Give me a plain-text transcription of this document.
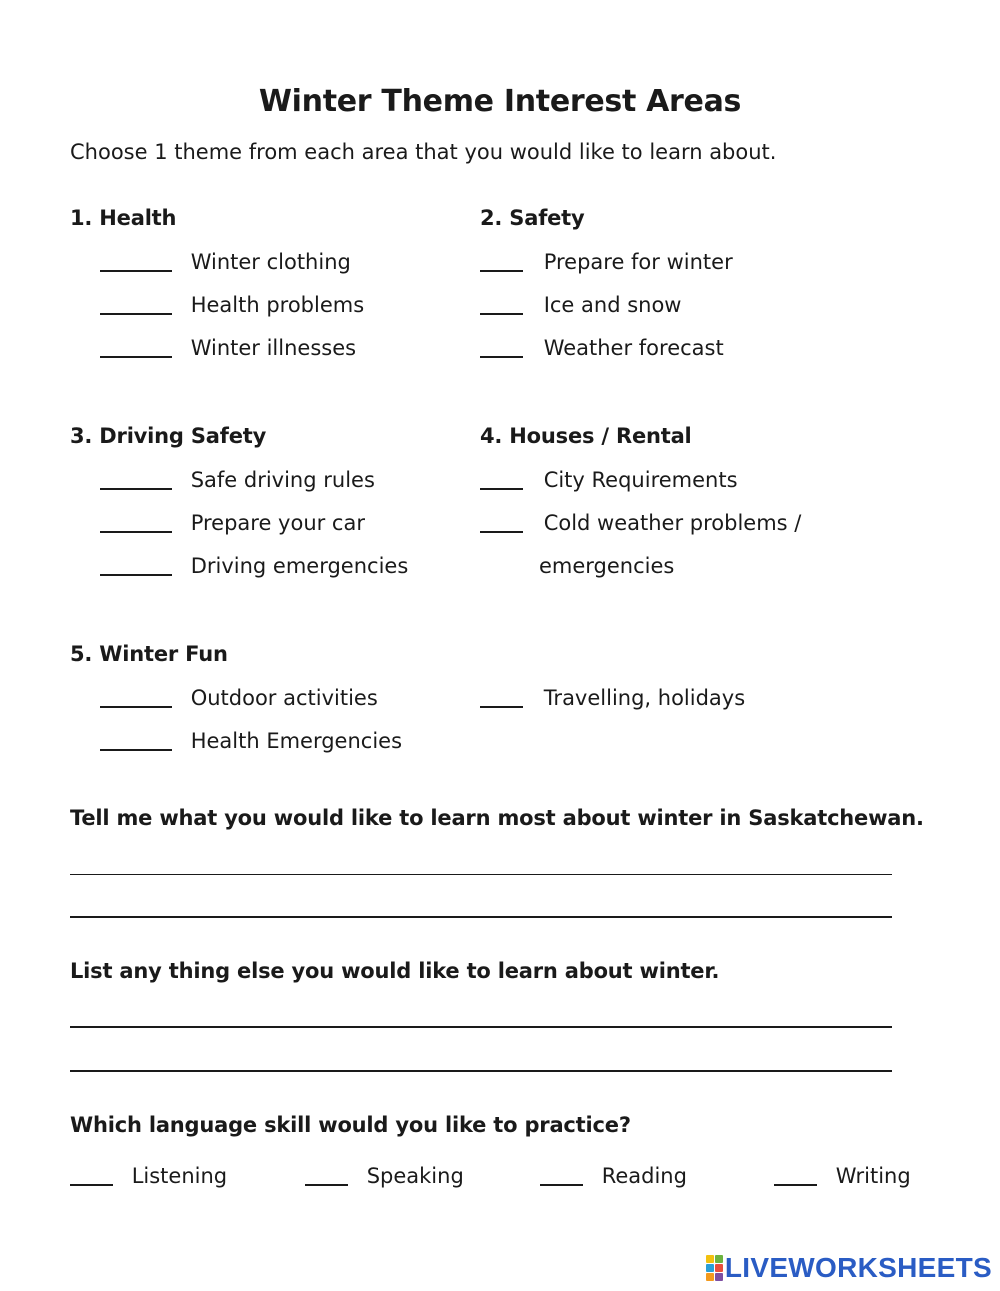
Winter Theme Interest Areas
Choose 1 theme from each area that you would like to learn about.
1. Health
Winter clothing
Health problems
Winter illnesses
2. Safety
Prepare for winter
Ice and snow
Weather forecast
3. Driving Safety
Safe driving rules
Prepare your car
Driving emergencies
4. Houses / Rental
City Requirements
Cold weather problems /
emergencies
5. Winter Fun
Outdoor activities
Health Emergencies
Travelling, holidays
Tell me what you would like to learn most about winter in Saskatchewan.
List any thing else you would like to learn about winter.
Which language skill would you like to practice?
Listening	Speaking	Reading	Writing
LIVEWORKSHEETS
